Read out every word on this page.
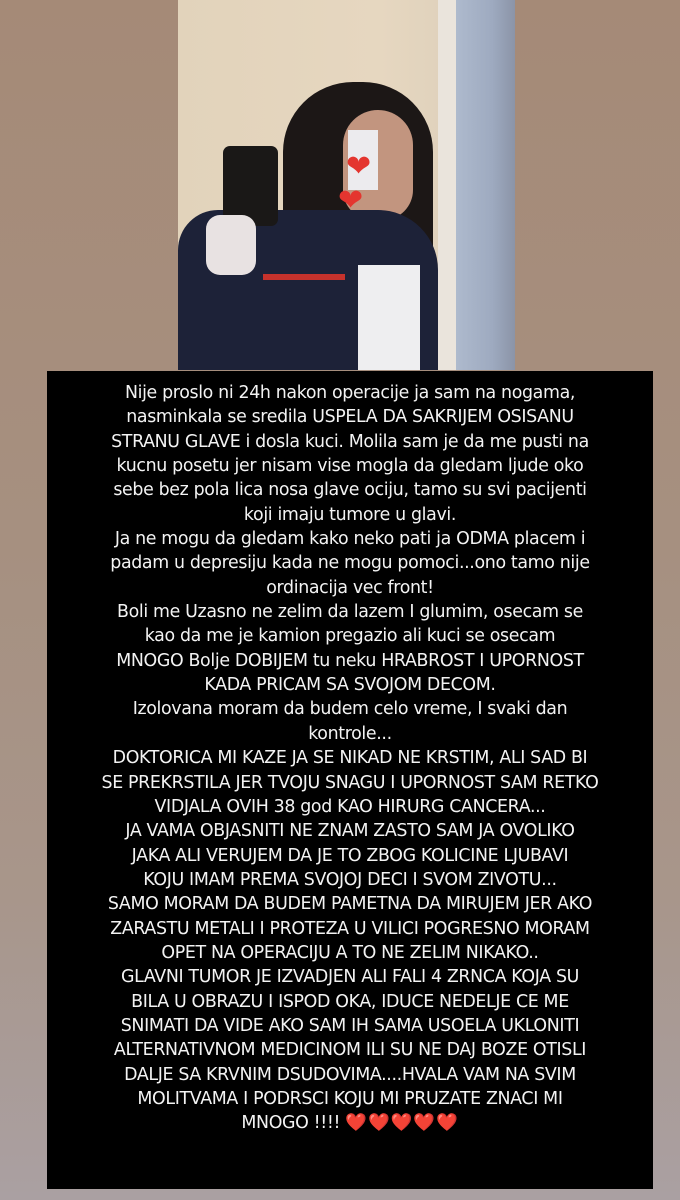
❤
❤
Nije proslo ni 24h nakon operacije ja sam na nogama,
nasminkala se sredila USPELA DA SAKRIJEM OSISANU
STRANU GLAVE i dosla kuci. Molila sam je da me pusti na
kucnu posetu jer nisam vise mogla da gledam ljude oko
sebe bez pola lica nosa glave ociju, tamo su svi pacijenti
koji imaju tumore u glavi.
Ja ne mogu da gledam kako neko pati ja ODMA placem i
padam u depresiju kada ne mogu pomoci...ono tamo nije
ordinacija vec front!
Boli me Uzasno ne zelim da lazem I glumim, osecam se
kao da me je kamion pregazio ali kuci se osecam
MNOGO Bolje DOBIJEM tu neku HRABROST I UPORNOST
KADA PRICAM SA SVOJOM DECOM.
Izolovana moram da budem celo vreme, I svaki dan
kontrole...
DOKTORICA MI KAZE JA SE NIKAD NE KRSTIM, ALI SAD BI
SE PREKRSTILA JER TVOJU SNAGU I UPORNOST SAM RETKO
VIDJALA OVIH 38 god KAO HIRURG CANCERA...
JA VAMA OBJASNITI NE ZNAM ZASTO SAM JA OVOLIKO
JAKA ALI VERUJEM DA JE TO ZBOG KOLICINE LJUBAVI
KOJU IMAM PREMA SVOJOJ DECI I SVOM ZIVOTU...
SAMO MORAM DA BUDEM PAMETNA DA MIRUJEM JER AKO
ZARASTU METALI I PROTEZA U VILICI POGRESNO MORAM
OPET NA OPERACIJU A TO NE ZELIM NIKAKO..
GLAVNI TUMOR JE IZVADJEN ALI FALI 4 ZRNCA KOJA SU
BILA U OBRAZU I ISPOD OKA, IDUCE NEDELJE CE ME
SNIMATI DA VIDE AKO SAM IH SAMA USOELA UKLONITI
ALTERNATIVNOM MEDICINOM ILI SU NE DAJ BOZE OTISLI
DALJE SA KRVNIM DSUDOVIMA....HVALA VAM NA SVIM
MOLITVAMA I PODRSCI KOJU MI PRUZATE ZNACI MI
MNOGO !!!! ❤️❤️❤️❤️❤️
